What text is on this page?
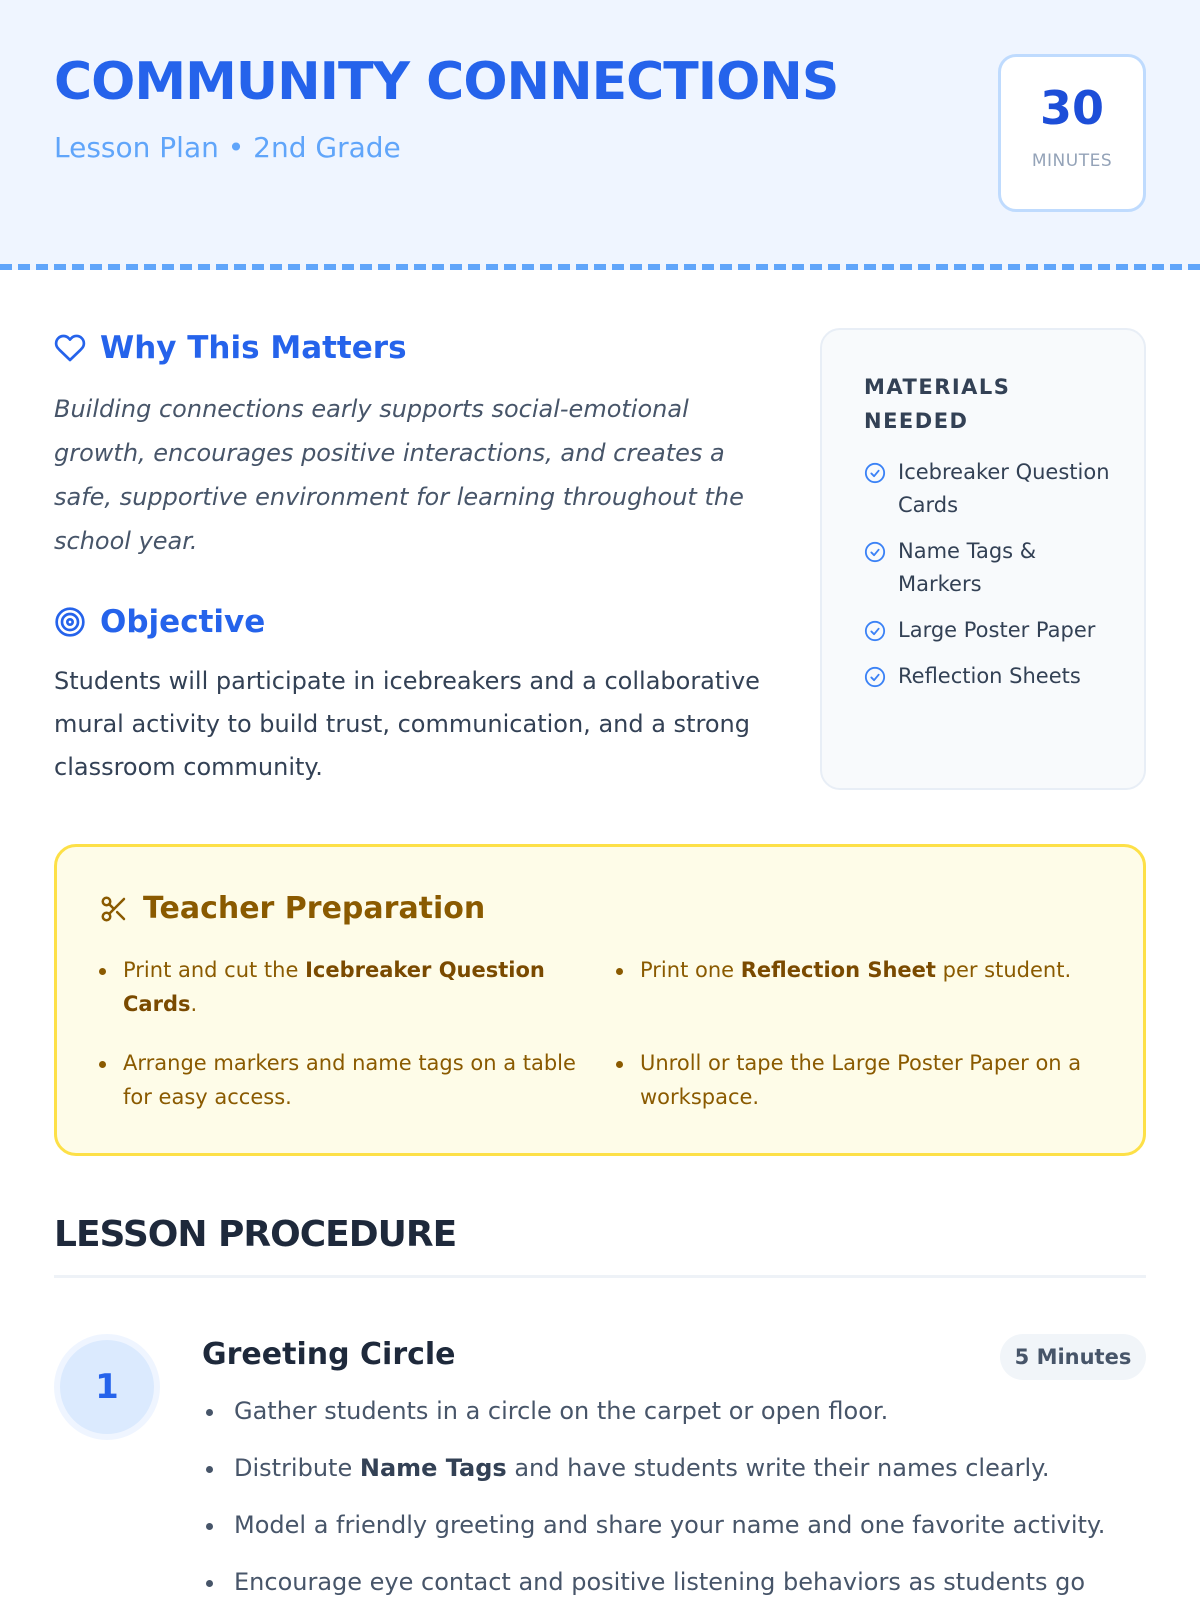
COMMUNITY CONNECTIONS
Lesson Plan • 2nd Grade
30
MINUTES
Why This Matters
Building connections early supports social-emotional growth, encourages positive interactions, and creates a safe, supportive environment for learning throughout the school year.
Objective
Students will participate in icebreakers and a collaborative mural activity to build trust, communication, and a strong classroom community.
MATERIALS NEEDED
Icebreaker Question Cards
Name Tags & Markers
Large Poster Paper
Reflection Sheets
Teacher Preparation
Print and cut the Icebreaker Question Cards.
Print one Reflection Sheet per student.
Arrange markers and name tags on a table for easy access.
Unroll or tape the Large Poster Paper on a workspace.
LESSON PROCEDURE
1
Greeting Circle	5 Minutes
Gather students in a circle on the carpet or open floor.
Distribute Name Tags and have students write their names clearly.
Model a friendly greeting and share your name and one favorite activity.
Encourage eye contact and positive listening behaviors as students go
